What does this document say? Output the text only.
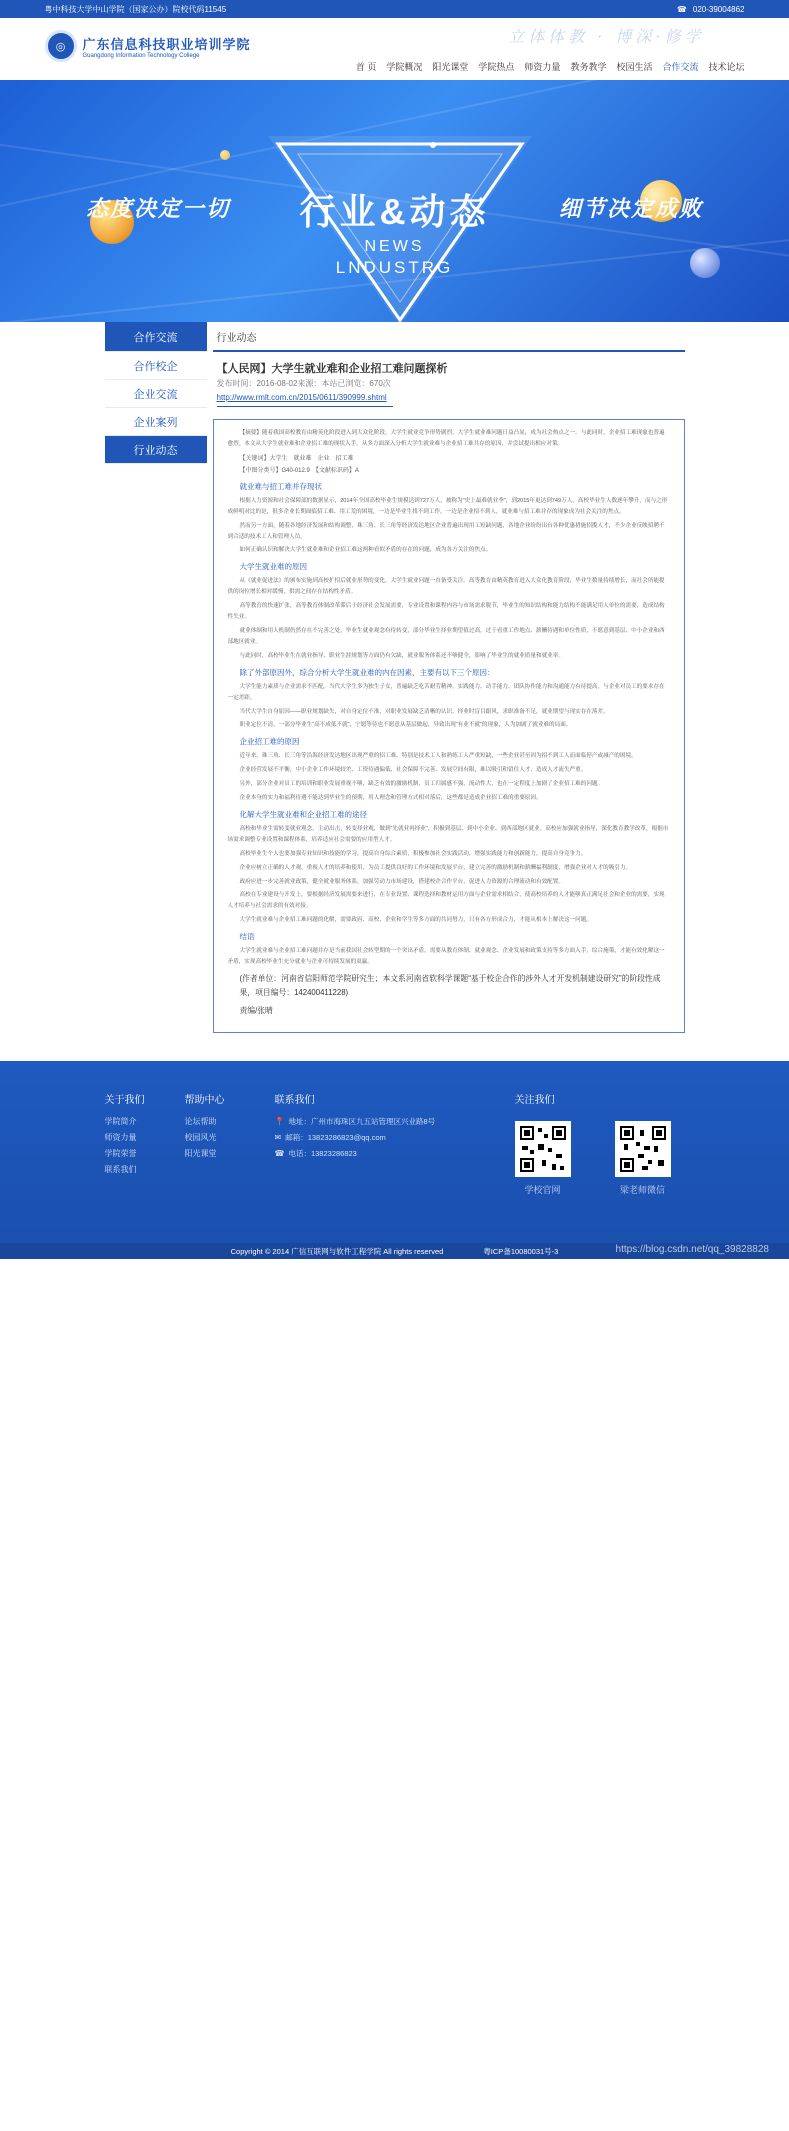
粤中科技大学中山学院（国家公办）院校代码11545	☎ 020-39004862
◎	广东信息科技职业培训学院
Guangdong Information Technology College
立体体教 · 博深·修学
首 页 学院概况 阳光课堂 学院热点 师资力量 教务教学 校园生活 合作交流 技术论坛
态度决定一切	行业&动态	细节决定成败
NEWS
LNDUSTRG
合作交流
合作校企
企业交流
企业案列
行业动态
行业动态
【人民网】大学生就业难和企业招工难问题探析
发布时间：2016-08-02来源：本站已浏览：670次
http://www.rmlt.com.cn/2015/0611/390999.shtml
【摘要】随着我国高校教育由精英化阶段进入到大众化阶段，大学生就业竞争形势剧烈，大学生就业难问题日益凸显，成为社会热点之一。与此同时，企业招工难现象也普遍愈烈。本文从大学生就业难和企业招工难的现状入手，从多方面深入分析大学生就业难与企业招工难共存的原因，并尝试提出相应对策。
【关键词】大学生　就业难　企业　招工难
【中图分类号】G40-012.9　【文献标识码】A
就业难与招工难并存现状
根据人力资源和社会保障部的数据显示，2014年全国高校毕业生规模达到727万人，被称为"史上最难就业季"，到2015年更达到749万人，高校毕业生人数逐年攀升，而与之形成鲜明对比的是，很多企业长期面临招工难、用工荒的困境，一边是毕业生找不到工作，一边是企业招不到人，就业难与招工难并存的现象成为社会关注的焦点。
然而另一方面，随着各地经济发展和结构调整，珠三角、长三角等经济发达地区企业普遍出现用工短缺问题，各地企业纷纷出台各种优惠措施招揽人才，不少企业反映招聘不到合适的技术工人和管理人员。
如何正确认识和解决大学生就业难和企业招工难这两种看似矛盾的存在的问题，成为各方关注的焦点。
大学生就业难的原因
从《就业促进法》的颁布实施到高校扩招后就业形势的变化，大学生就业问题一直备受关注。高等教育由精英教育进入大众化教育阶段，毕业生数量持续增长，而社会所能提供的岗位增长相对缓慢，供需之间存在结构性矛盾。
高等教育的快速扩张，高等教育体制改革滞后于经济社会发展需要，专业设置和课程内容与市场需求脱节，毕业生的知识结构和能力结构不能满足用人单位的需要，造成结构性失业。
就业体制和用人机制仍然存在不完善之处，毕业生就业观念有待转变，部分毕业生择业期望值过高，过于看重工作地点、薪酬待遇和单位性质，不愿意到基层、中小企业和西部地区就业。
与此同时，高校毕业生在就业指导、职业生涯规划等方面仍有欠缺，就业服务体系还不够健全，影响了毕业生的就业质量和就业率。
除了外部原因外，综合分析大学生就业难的内在因素，主要有以下三个原因：
大学生能力素质与企业需求不匹配。当代大学生多为独生子女，普遍缺乏吃苦耐劳精神，实践能力、动手能力、团队协作能力和沟通能力有待提高，与企业对员工的要求存在一定差距。
当代大学生自身原因——职业规划缺失，对自身定位不准，对职业发展缺乏清晰的认识，择业时盲目跟风，求职准备不足，就业期望与现实存在落差。
职业定位不清，一部分毕业生“高不成低不就”，宁愿等待也不愿意从基层做起，导致出现“有业不就”的现象，人为加剧了就业难的局面。
企业招工难的原因
近年来，珠三角、长三角等沿海经济发达地区出现严重的招工难，特别是技术工人和熟练工人严重短缺，一些企业甚至因为招不到工人而面临停产或减产的困境。
企业经营发展不平衡，中小企业工作环境较差、工资待遇偏低、社会保障不完善、发展空间有限，难以吸引和留住人才，造成人才流失严重。
另外，部分企业对员工的培训和职业发展重视不够，缺乏有效的激励机制，员工归属感不强，流动性大，也在一定程度上加剧了企业招工难的问题。
企业本身的实力和福利待遇不能达到毕业生的预期，用人理念和管理方式相对落后，这些都是造成企业招工难的重要原因。
化解大学生就业难和企业招工难的途径
高校和毕业生需转变就业观念，主动出击，转变择业观，做到“先就业再择业”，积极到基层、到中小企业、到西部地区就业。高校应加强就业指导，深化教育教学改革，根据市场需求调整专业设置和课程体系，培养适应社会需要的应用型人才。
高校毕业生个人也要加强专业知识和技能的学习，提高自身综合素质，积极参加社会实践活动，增强实践能力和创新能力，提高自身竞争力。
企业应树立正确的人才观，重视人才的培养和使用，为员工提供良好的工作环境和发展平台，建立完善的激励机制和薪酬福利制度，增强企业对人才的吸引力。
政府应进一步完善就业政策，健全就业服务体系，加强劳动力市场建设，搭建校企合作平台，促进人力资源的合理流动和有效配置。
高校在专业建设与开发上，要根据经济发展需要来进行，在专业设置、课程选择和教材运用方面与企业需求相结合，使高校培养的人才能够真正满足社会和企业的需要，实现人才培养与社会需求的有效对接。
大学生就业难与企业招工难问题的化解，需要政府、高校、企业和学生等多方面的共同努力，只有各方形成合力，才能从根本上解决这一问题。
结语
大学生就业难与企业招工难问题并存是当前我国社会转型期的一个突出矛盾，需要从教育体制、就业观念、企业发展和政策支持等多方面入手，综合施策，才能有效化解这一矛盾，实现高校毕业生充分就业与企业可持续发展的双赢。
(作者单位：河南省信阳师范学院研究生；本文系河南省软科学课题“基于校企合作的涉外人才开发机制建设研究”的阶段性成果，项目编号：142400411228)
责编/张晴
关于我们
学院简介
师资力量
学院荣誉
联系我们
帮助中心
论坛帮助
校园风光
阳光课堂
联系我们
📍 地址：广州市海珠区九五站管理区兴业路8号
✉ 邮箱：13823286823@qq.com
☎ 电话：13823286823
关注我们
学校官网	梁老师微信
Copyright © 2014 广信互联网与软件工程学院 All rights reserved	粤ICP备10080031号-3	https://blog.csdn.net/qq_39828828
